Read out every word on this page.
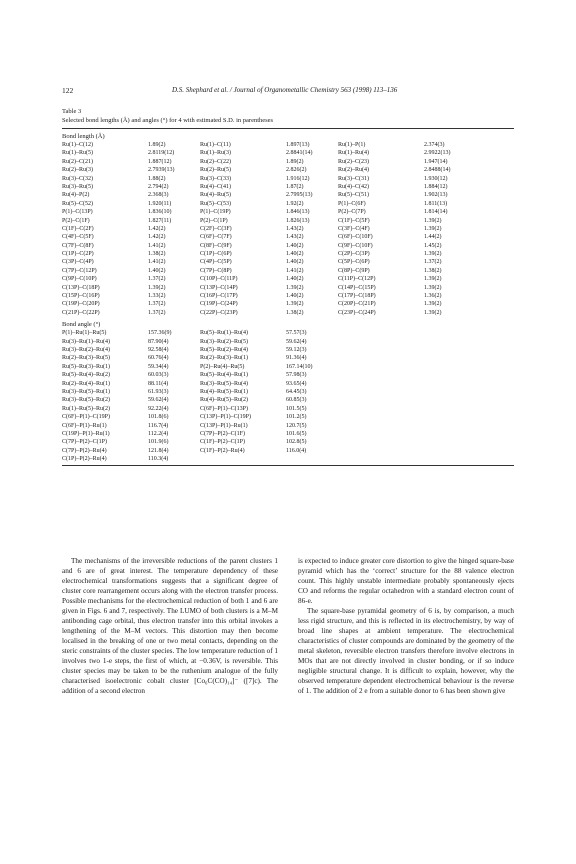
122	D.S. Shephard et al. / Journal of Organometallic Chemistry 563 (1998) 113–136
Table 3
Selected bond lengths (Å) and angles (°) for 4 with estimated S.D. in parentheses
Bond length (Å)
Ru(1)–C(12)	1.89(2)	Ru(1)–C(11)	1.897(13)	Ru(1)–P(1)	2.374(3)
Ru(1)–Ru(5)	2.8119(12)	Ru(1)–Ru(3)	2.8841(14)	Ru(1)–Ru(4)	2.9922(13)
Ru(2)–C(21)	1.887(12)	Ru(2)–C(22)	1.89(2)	Ru(2)–C(23)	1.947(14)
Ru(2)–Ru(3)	2.7939(13)	Ru(2)–Ru(5)	2.826(2)	Ru(2)–Ru(4)	2.8488(14)
Ru(3)–C(32)	1.88(2)	Ru(3)–C(33)	1.916(12)	Ru(3)–C(31)	1.930(12)
Ru(3)–Ru(5)	2.794(2)	Ru(4)–C(41)	1.87(2)	Ru(4)–C(42)	1.884(12)
Ru(4)–P(2)	2.368(3)	Ru(4)–Ru(5)	2.7995(13)	Ru(5)–C(51)	1.902(13)
Ru(5)–C(52)	1.920(11)	Ru(5)–C(53)	1.92(2)	P(1)–C(6F)	1.811(13)
P(1)–C(13P)	1.836(10)	P(1)–C(19P)	1.846(13)	P(2)–C(7P)	1.814(14)
P(2)–C(1F)	1.827(11)	P(2)–C(1P)	1.826(13)	C(1F)–C(5F)	1.39(2)
C(1F)–C(2F)	1.42(2)	C(2F)–C(3F)	1.43(2)	C(3F)–C(4F)	1.39(2)
C(4F)–C(5F)	1.42(2)	C(6F)–C(7F)	1.43(2)	C(6F)–C(10F)	1.44(2)
C(7F)–C(8F)	1.41(2)	C(8F)–C(9F)	1.40(2)	C(9F)–C(10F)	1.45(2)
C(1P)–C(2P)	1.38(2)	C(1P)–C(6P)	1.40(2)	C(2P)–C(3P)	1.39(2)
C(3P)–C(4P)	1.41(2)	C(4P)–C(5P)	1.40(2)	C(5P)–C(6P)	1.37(2)
C(7P)–C(12P)	1.40(2)	C(7P)–C(8P)	1.41(2)	C(8P)–C(9P)	1.38(2)
C(9P)–C(10P)	1.37(2)	C(10P)–C(11P)	1.40(2)	C(11P)–C(12P)	1.39(2)
C(13P)–C(18P)	1.39(2)	C(13P)–C(14P)	1.39(2)	C(14P)–C(15P)	1.39(2)
C(15P)–C(16P)	1.33(2)	C(16P)–C(17P)	1.40(2)	C(17P)–C(18P)	1.36(2)
C(19P)–C(20P)	1.37(2)	C(19P)–C(24P)	1.39(2)	C(20P)–C(21P)	1.39(2)
C(21P)–C(22P)	1.37(2)	C(22P)–C(23P)	1.38(2)	C(23P)–C(24P)	1.39(2)
Bond angle (°)
P(1)–Ru(1)–Ru(5)	157.36(9)	Ru(5)–Ru(1)–Ru(4)	57.57(3)
Ru(3)–Ru(1)–Ru(4)	87.90(4)	Ru(3)–Ru(2)–Ru(5)	59.62(4)
Ru(3)–Ru(2)–Ru(4)	92.58(4)	Ru(5)–Ru(2)–Ru(4)	59.12(3)
Ru(2)–Ru(3)–Ru(5)	60.76(4)	Ru(2)–Ru(3)–Ru(1)	91.36(4)
Ru(5)–Ru(3)–Ru(1)	59.34(4)	P(2)–Ru(4)–Ru(5)	167.14(10)
Ru(5)–Ru(4)–Ru(2)	60.03(3)	Ru(5)–Ru(4)–Ru(1)	57.98(3)
Ru(2)–Ru(4)–Ru(1)	88.11(4)	Ru(3)–Ru(5)–Ru(4)	93.65(4)
Ru(3)–Ru(5)–Ru(1)	61.93(3)	Ru(4)–Ru(5)–Ru(1)	64.45(3)
Ru(3)–Ru(5)–Ru(2)	59.62(4)	Ru(4)–Ru(5)–Ru(2)	60.85(3)
Ru(1)–Ru(5)–Ru(2)	92.22(4)	C(6F)–P(1)–C(13P)	101.5(5)
C(6F)–P(1)–C(19P)	101.8(6)	C(13P)–P(1)–C(19P)	101.2(5)
C(6F)–P(1)–Ru(1)	116.7(4)	C(13P)–P(1)–Ru(1)	120.7(5)
C(19P)–P(1)–Ru(1)	112.2(4)	C(7P)–P(2)–C(1F)	101.6(5)
C(7P)–P(2)–C(1P)	101.9(6)	C(1F)–P(2)–C(1P)	102.8(5)
C(7P)–P(2)–Ru(4)	121.8(4)	C(1F)–P(2)–Ru(4)	116.0(4)
C(1P)–P(2)–Ru(4)	110.3(4)

The mechanisms of the irreversible reductions of the parent clusters 1 and 6 are of great interest. The temperature dependency of these electrochemical transformations suggests that a significant degree of cluster core rearrangement occurs along with the electron transfer process. Possible mechanisms for the electrochemical reduction of both 1 and 6 are given in Figs. 6 and 7, respectively. The LUMO of both clusters is a M–M antibonding cage orbital, thus electron transfer into this orbital invokes a lengthening of the M–M vectors. This distortion may then become localised in the breaking of one or two metal contacts, depending on the steric constraints of the cluster species. The low temperature reduction of 1 involves two 1-e steps, the first of which, at −0.36V, is reversible. This cluster species may be taken to be the ruthenium analogue of the fully characterised isoelectronic cobalt cluster [Co₆C(CO)₁₄]⁻ ([7]c). The addition of a second electron

is expected to induce greater core distortion to give the hinged square-base pyramid which has the ‘correct’ structure for the 88 valence electron count. This highly unstable intermediate probably spontaneously ejects CO and reforms the regular octahedron with a standard electron count of 86-e.

The square-base pyramidal geometry of 6 is, by comparison, a much less rigid structure, and this is reflected in its electrochemistry, by way of broad line shapes at ambient temperature. The electrochemical characteristics of cluster compounds are dominated by the geometry of the metal skeleton, reversible electron transfers therefore involve electrons in MOs that are not directly involved in cluster bonding, or if so induce negligible structural change. It is difficult to explain, however, why the observed temperature dependent electrochemical behaviour is the reverse of 1. The addition of 2 e from a suitable donor to 6 has been shown give
